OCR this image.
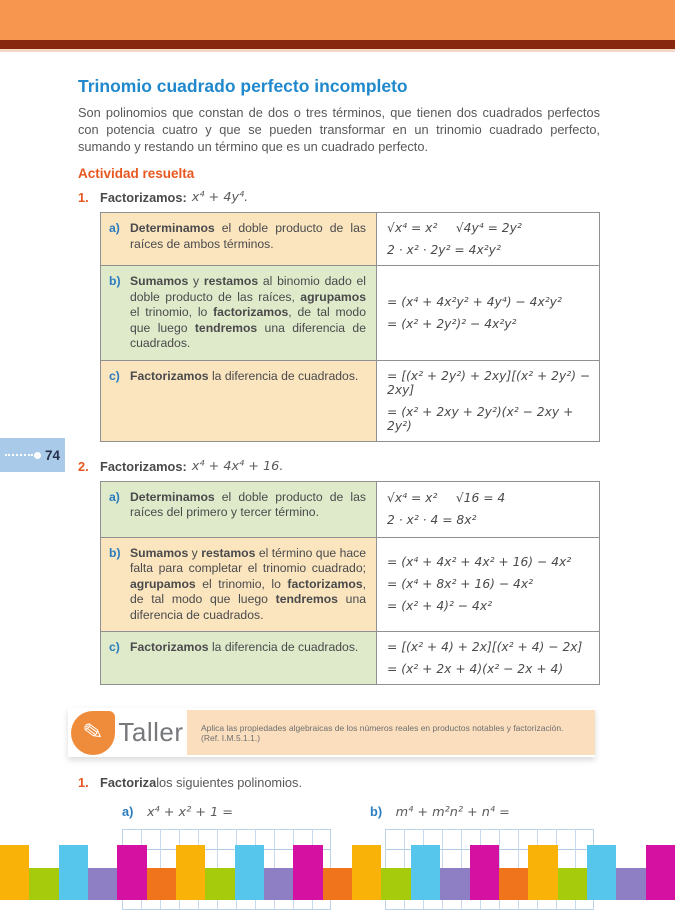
Trinomio cuadrado perfecto incompleto

Son polinomios que constan de dos o tres términos, que tienen dos cuadrados perfectos con potencia cuatro y que se pueden transformar en un trinomio cuadrado perfecto, sumando y restando un término que es un cuadrado perfecto.

Actividad resuelta
1. Factorizamos: x⁴ + 4y⁴.
a) Determinamos el doble producto de las raíces de ambos términos.
√x⁴ = x²  √4y⁴ = 2y²
2 · x² · 2y² = 4x²y²
b) Sumamos y restamos al binomio dado el doble producto de las raíces, agrupamos el trinomio, lo factorizamos, de tal modo que luego tendremos una diferencia de cuadrados.
= (x⁴ + 4x²y² + 4y⁴) − 4x²y²
= (x² + 2y²)² − 4x²y²
c) Factorizamos la diferencia de cuadrados.	= [(x² + 2y²) + 2xy][(x² + 2y²) − 2xy]
= (x² + 2xy + 2y²)(x² − 2xy + 2y²)
2. Factorizamos: x⁴ + 4x⁴ + 16.
a) Determinamos el doble producto de las raíces del primero y tercer término.
√x⁴ = x²  √16 = 4
2 · x² · 4 = 8x²
b) Sumamos y restamos el término que hace falta para completar el trinomio cuadrado; agrupamos el trinomio, lo factorizamos, de tal modo que luego tendremos una diferencia de cuadrados.
= (x⁴ + 4x² + 4x² + 16) − 4x²
= (x⁴ + 8x² + 16) − 4x²
= (x² + 4)² − 4x²
c) Factorizamos la diferencia de cuadrados.	= [(x² + 4) + 2x][(x² + 4) − 2x]
= (x² + 2x + 4)(x² − 2x + 4)
✎ Taller	Aplica las propiedades algebraicas de los números reales en productos notables y factorización. (Ref. I.M.5.1.1.)
1. Factoriza los siguientes polinomios.
a) x⁴ + x² + 1 =	b) m⁴ + m²n² + n⁴ =
74
